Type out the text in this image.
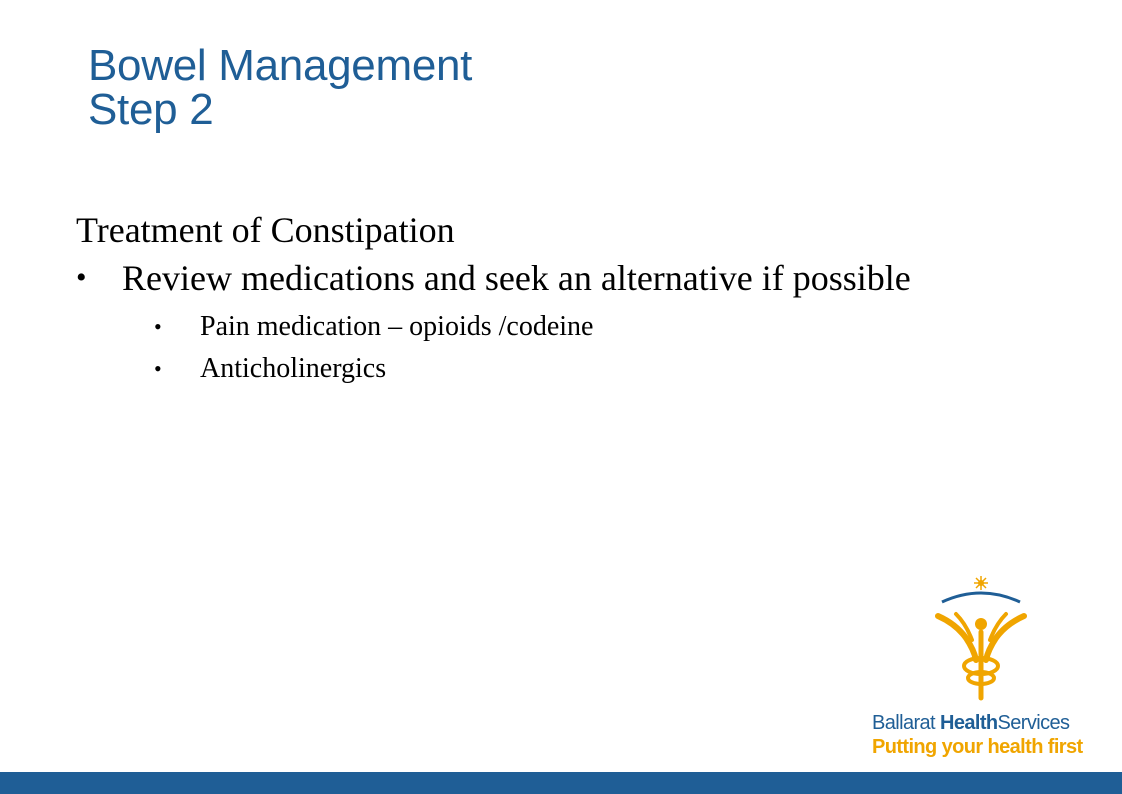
Bowel Management
Step 2

Treatment of Constipation

• Review medications and seek an alternative if possible
• Pain medication – opioids /codeine
• Anticholinergics
Ballarat HealthServices
Putting your health first
